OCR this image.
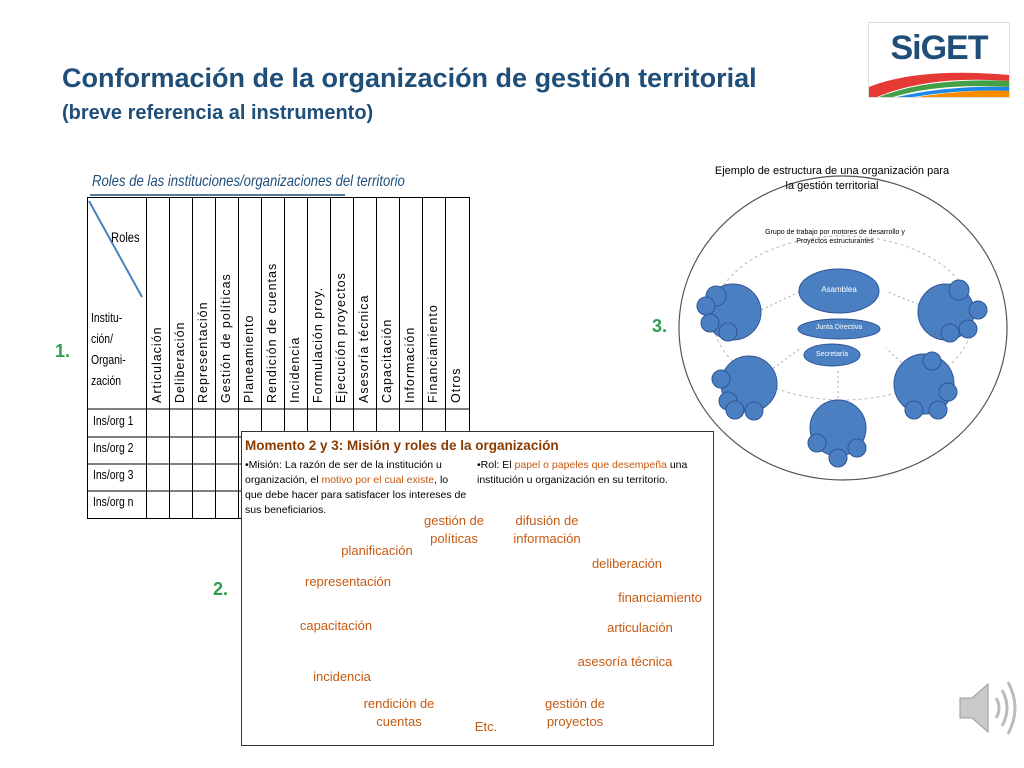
Conformación de la organización de gestión territorial
(breve referencia al instrumento)
SiGET
1.
2.
3.
Roles de las instituciones/organizaciones del territorio
Roles
Institu-
ción/
Organi-
zación
Ins/org 1
Ins/org 2
Ins/org 3
Ins/org n
Articulación Deliberación Representación Gestión de políticas Planeamiento Rendición de cuentas Incidencia Formulación proy. Ejecución proyectos Asesoría técnica Capacitación Información Financiamiento Otros
Ejemplo de estructura de una organización para la gestión territorial
Grupo de trabajo por motores de desarrollo y Proyectos estructurantes
Asamblea
Junta Directiva
Secretaría
Momento 2 y 3: Misión y roles de la organización
•Misión: La razón de ser de la institución u organización, el motivo por el cual existe, lo que debe hacer para satisfacer los intereses de sus beneficiarios.
•Rol: El papel o papeles que desempeña una institución u organización en su territorio.
gestión de políticas
difusión de información
planificación
deliberación
representación
financiamiento
capacitación	articulación
asesoría técnica
incidencia
rendición de cuentas
gestión de proyectos
Etc.
